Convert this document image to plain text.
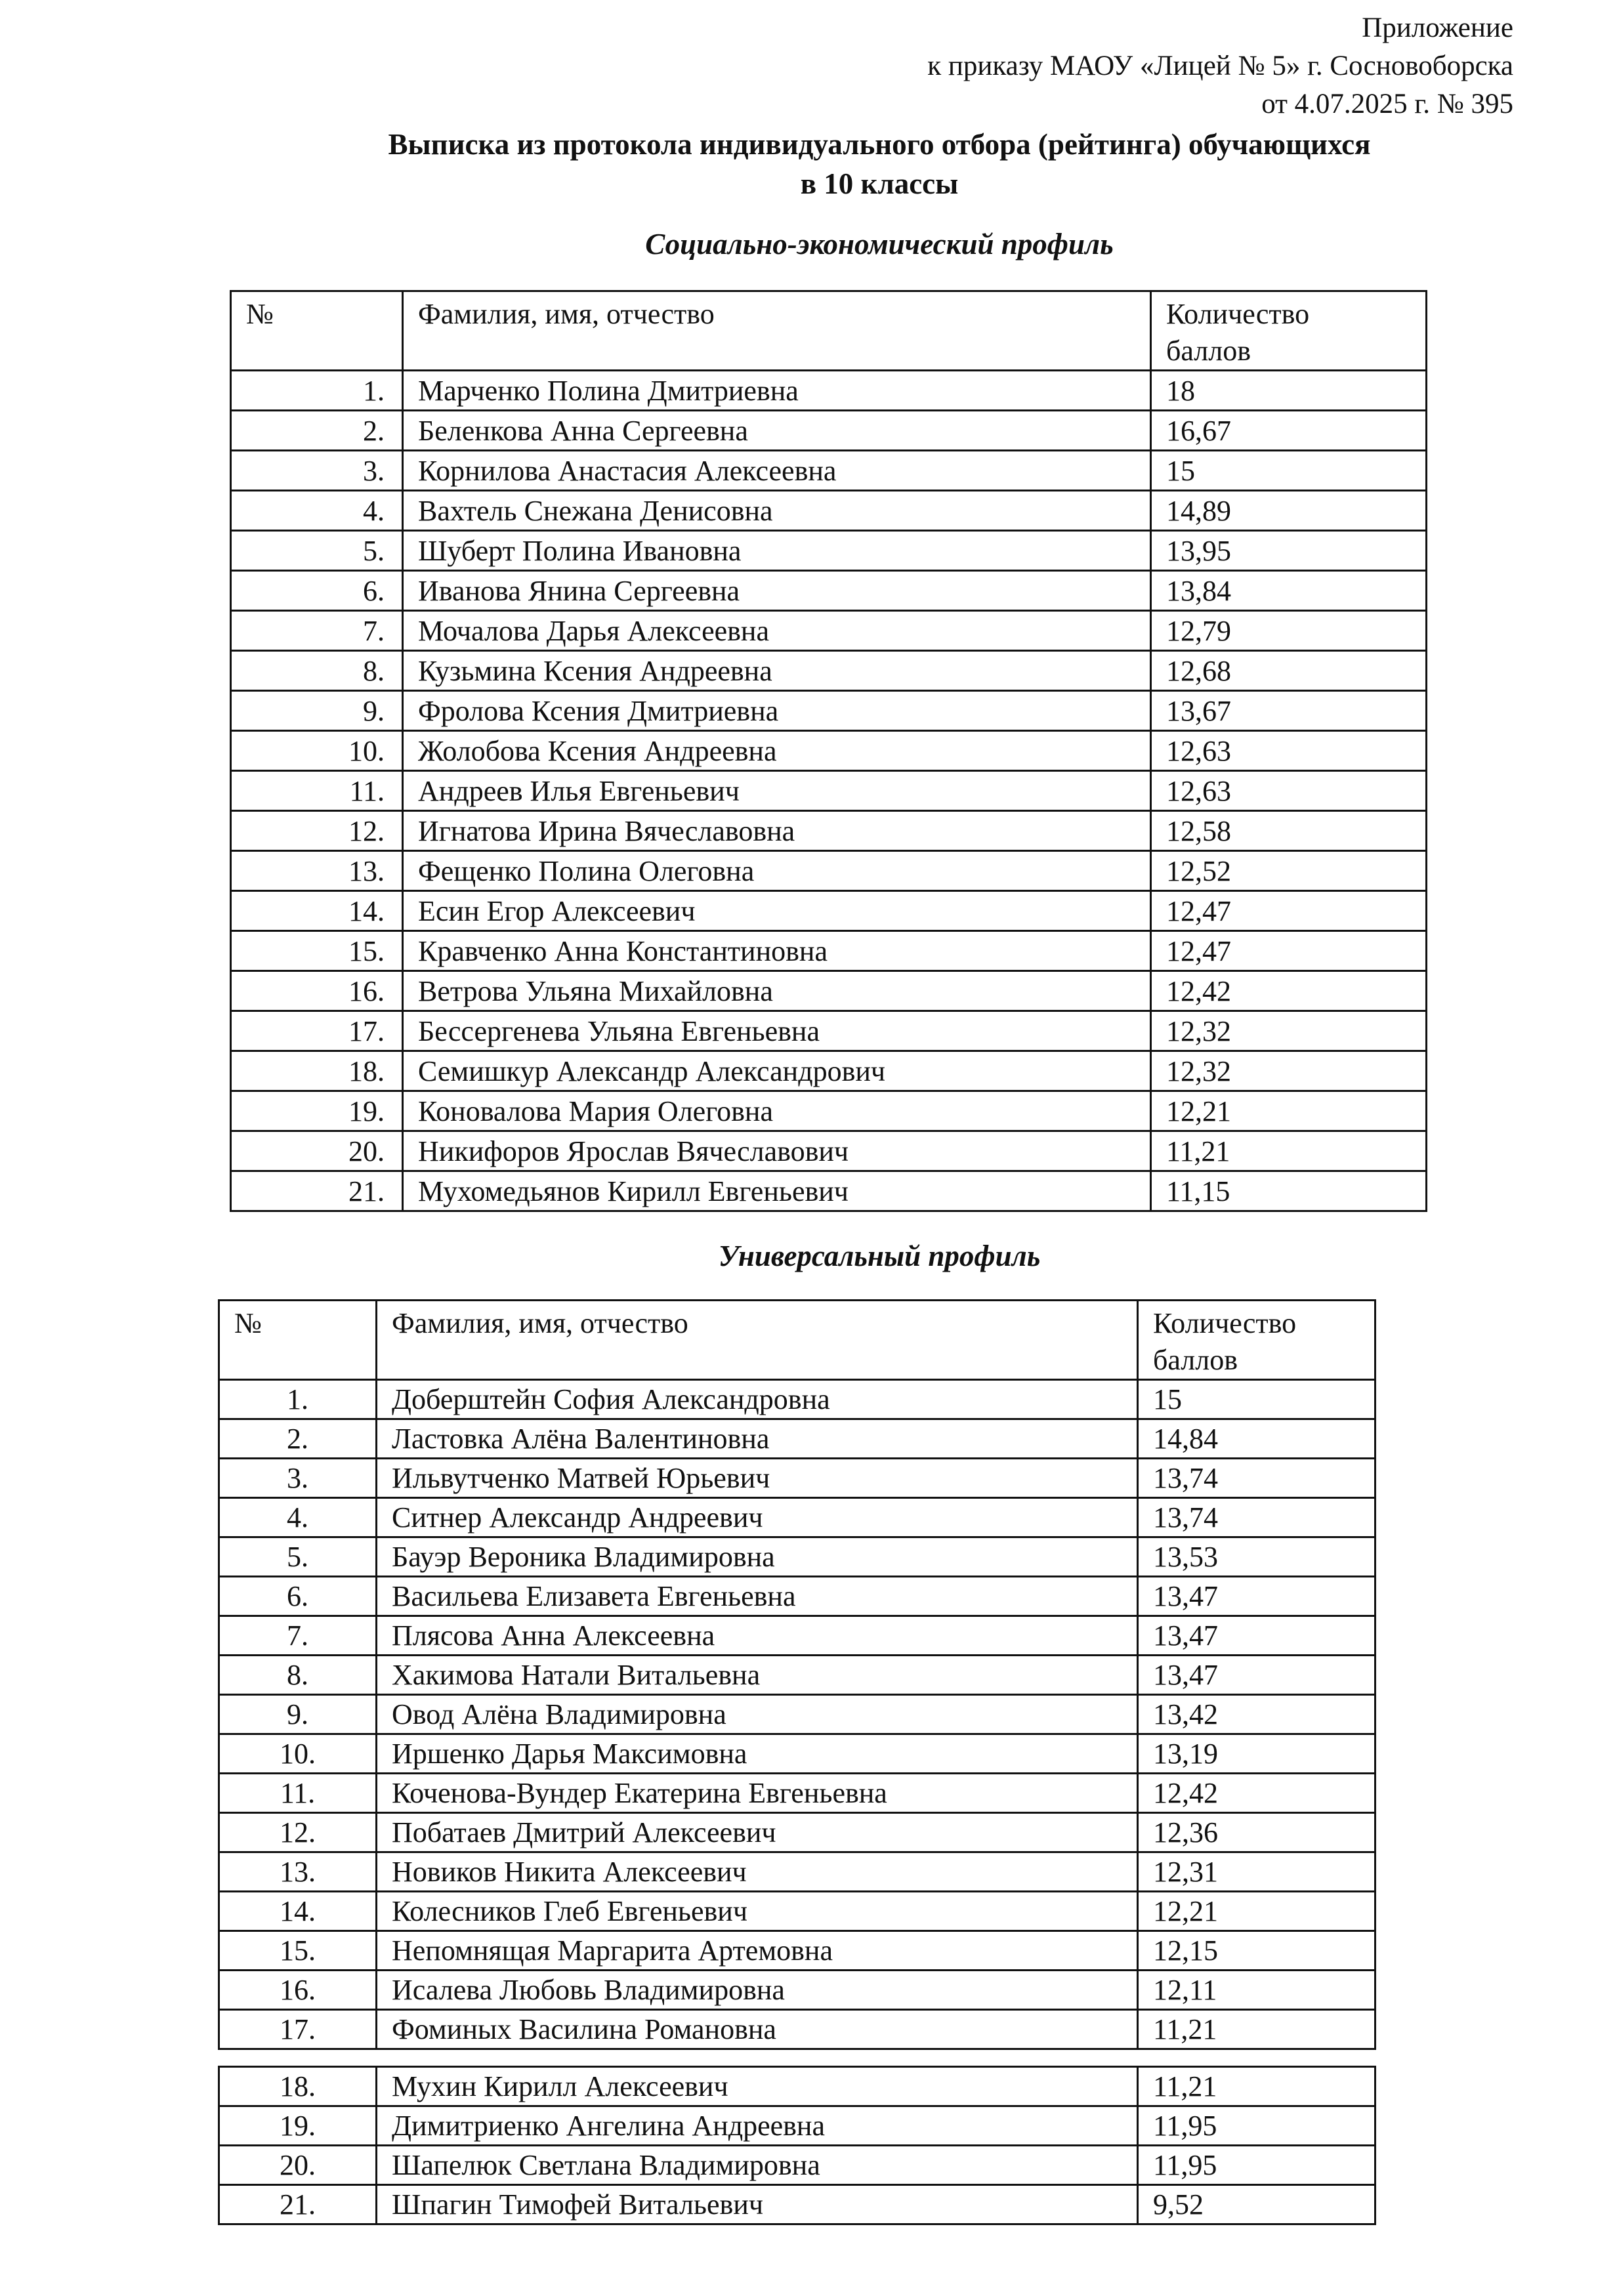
Приложение
к приказу МАОУ «Лицей № 5» г. Сосновоборска
от 4.07.2025 г. № 395
Выписка из протокола индивидуального отбора (рейтинга) обучающихся
в 10 классы
Социально-экономический профиль
№	Фамилия, имя, отчество	Количество баллов
1.	Марченко Полина Дмитриевна	18
2.	Беленкова Анна Сергеевна	16,67
3.	Корнилова Анастасия Алексеевна	15
4.	Вахтель Снежана Денисовна	14,89
5.	Шуберт Полина Ивановна	13,95
6.	Иванова Янина Сергеевна	13,84
7.	Мочалова Дарья Алексеевна	12,79
8.	Кузьмина Ксения Андреевна	12,68
9.	Фролова Ксения Дмитриевна	13,67
10.	Жолобова Ксения Андреевна	12,63
11.	Андреев Илья Евгеньевич	12,63
12.	Игнатова Ирина Вячеславовна	12,58
13.	Фещенко Полина Олеговна	12,52
14.	Есин Егор Алексеевич	12,47
15.	Кравченко Анна Константиновна	12,47
16.	Ветрова Ульяна Михайловна	12,42
17.	Бессергенева Ульяна Евгеньевна	12,32
18.	Семишкур Александр Александрович	12,32
19.	Коновалова Мария Олеговна	12,21
20.	Никифоров Ярослав Вячеславович	11,21
21.	Мухомедьянов Кирилл Евгеньевич	11,15
Универсальный профиль
№	Фамилия, имя, отчество	Количество баллов
1.	Доберштейн София Александровна	15
2.	Ластовка Алёна Валентиновна	14,84
3.	Ильвутченко Матвей Юрьевич	13,74
4.	Ситнер Александр Андреевич	13,74
5.	Бауэр Вероника Владимировна	13,53
6.	Васильева Елизавета Евгеньевна	13,47
7.	Плясова Анна Алексеевна	13,47
8.	Хакимова Натали Витальевна	13,47
9.	Овод Алёна Владимировна	13,42
10.	Иршенко Дарья Максимовна	13,19
11.	Коченова-Вундер Екатерина Евгеньевна	12,42
12.	Побатаев Дмитрий Алексеевич	12,36
13.	Новиков Никита Алексеевич	12,31
14.	Колесников Глеб Евгеньевич	12,21
15.	Непомнящая Маргарита Артемовна	12,15
16.	Исалева Любовь Владимировна	12,11
17.	Фоминых Василина Романовна	11,21
18.	Мухин Кирилл Алексеевич	11,21
19.	Димитриенко Ангелина Андреевна	11,95
20.	Шапелюк Светлана Владимировна	11,95
21.	Шпагин Тимофей Витальевич	9,52
